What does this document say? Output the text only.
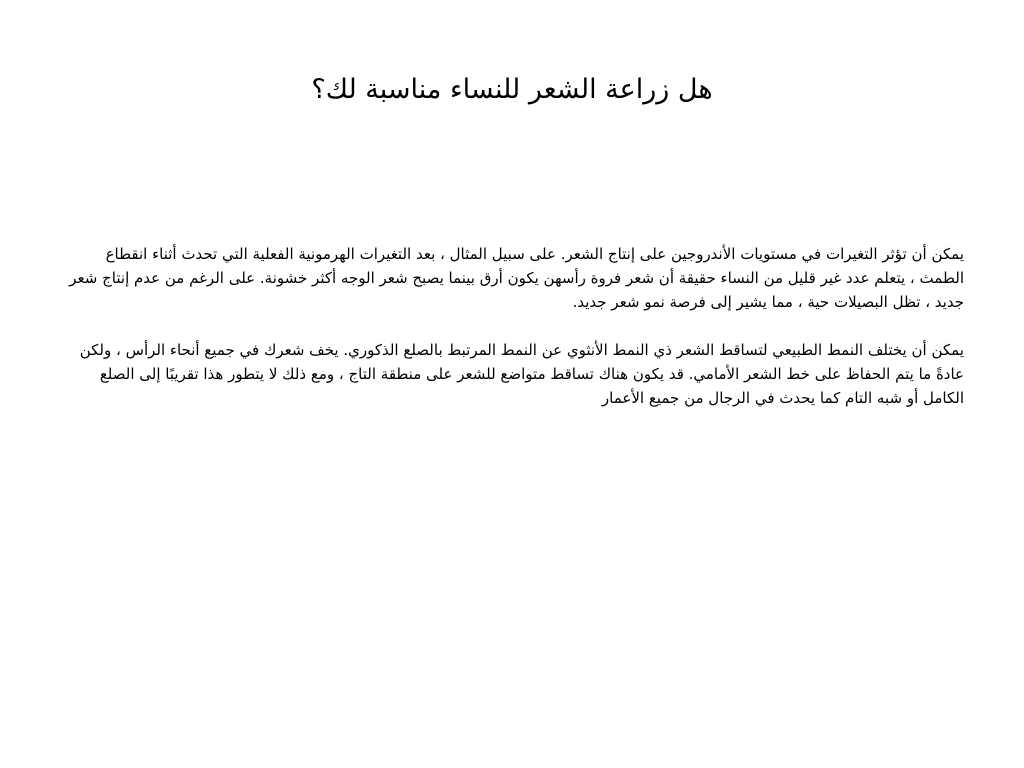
هل زراعة الشعر للنساء مناسبة لك؟

يمكن أن تؤثر التغيرات في مستويات الأندروجين على إنتاج الشعر. على سبيل المثال ، بعد التغيرات الهرمونية الفعلية التي تحدث أثناء انقطاع الطمث ، يتعلم عدد غير قليل من النساء حقيقة أن شعر فروة رأسهن يكون أرق بينما يصبح شعر الوجه أكثر خشونة. على الرغم من عدم إنتاج شعر جديد ، تظل البصيلات حية ، مما يشير إلى فرصة نمو شعر جديد.

يمكن أن يختلف النمط الطبيعي لتساقط الشعر ذي النمط الأنثوي عن النمط المرتبط بالصلع الذكوري. يخف شعرك في جميع أنحاء الرأس ، ولكن عادةً ما يتم الحفاظ على خط الشعر الأمامي. قد يكون هناك تساقط متواضع للشعر على منطقة التاج ، ومع ذلك لا يتطور هذا تقريبًا إلى الصلع الكامل أو شبه التام كما يحدث في الرجال من جميع الأعمار
